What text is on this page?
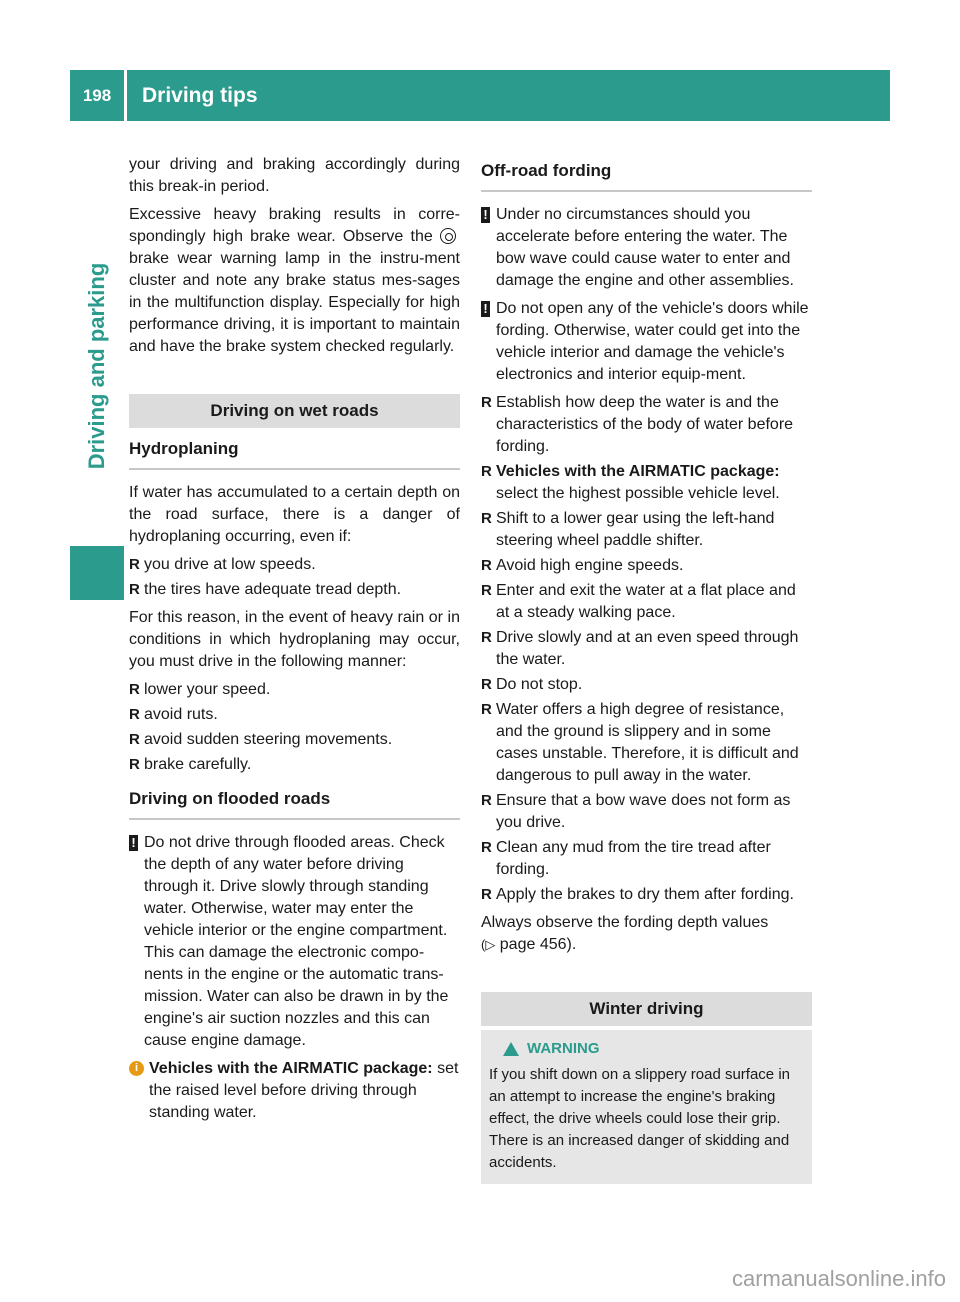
198	Driving tips
Driving and parking

your driving and braking accordingly during this break-in period.

Excessive heavy braking results in corre-spondingly high brake wear. Observe the brake wear warning lamp in the instru-ment cluster and note any brake status mes-sages in the multifunction display. Especially for high performance driving, it is important to maintain and have the brake system checked regularly.

Driving on wet roads
Hydroplaning

If water has accumulated to a certain depth on the road surface, there is a danger of hydroplaning occurring, even if:

R you drive at low speeds.
R the tires have adequate tread depth.

For this reason, in the event of heavy rain or in conditions in which hydroplaning may occur, you must drive in the following manner:

R lower your speed.
R avoid ruts.
R avoid sudden steering movements.
R brake carefully.
Driving on flooded roads
! Do not drive through flooded areas. Check the depth of any water before driving through it. Drive slowly through standing water. Otherwise, water may enter the vehicle interior or the engine compartment. This can damage the electronic compo-nents in the engine or the automatic trans-mission. Water can also be drawn in by the engine's air suction nozzles and this can cause engine damage.
i Vehicles with the AIRMATIC package: set the raised level before driving through standing water.
Off-road fording
! Under no circumstances should you accelerate before entering the water. The bow wave could cause water to enter and damage the engine and other assemblies.
! Do not open any of the vehicle's doors while fording. Otherwise, water could get into the vehicle interior and damage the vehicle's electronics and interior equip-ment.
R Establish how deep the water is and the characteristics of the body of water before fording.
R Vehicles with the AIRMATIC package: select the highest possible vehicle level.
R Shift to a lower gear using the left-hand steering wheel paddle shifter.
R Avoid high engine speeds.
R Enter and exit the water at a flat place and at a steady walking pace.
R Drive slowly and at an even speed through the water.
R Do not stop.
R Water offers a high degree of resistance, and the ground is slippery and in some cases unstable. Therefore, it is difficult and dangerous to pull away in the water.
R Ensure that a bow wave does not form as you drive.
R Clean any mud from the tire tread after fording.
R Apply the brakes to dry them after fording.

Always observe the fording depth values
(▷ page 456).

Winter driving
WARNING
If you shift down on a slippery road surface in an attempt to increase the engine's braking effect, the drive wheels could lose their grip. There is an increased danger of skidding and accidents.
carmanualsonline.info
